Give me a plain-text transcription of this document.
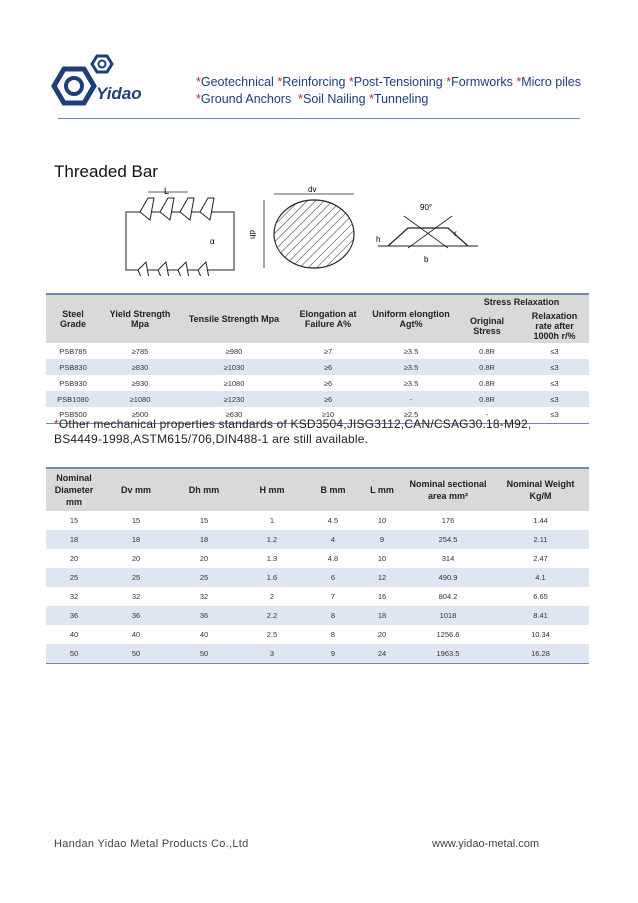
Yidao
*Geotechnical *Reinforcing *Post-Tensioning *Formworks *Micro piles
*Ground Anchors  *Soil Nailing *Tunneling
Threaded Bar
L
α
dv
dh
90°
h
b
r
Steel Grade	Yield Strength Mpa	Tensile Strength Mpa	Elongation at Failure A%	Uniform elongtion Agt%	Stress Relaxation	
					Original Stress	Relaxation rate after 1000h r/%
PSB785	≥785	≥980	≥7	≥3.5	0.8R	≤3
PSB830	≥830	≥1030	≥6	≥3.5	0.8R	≤3
PSB930	≥930	≥1080	≥6	≥3.5	0.8R	≤3
PSB1080	≥1080	≥1230	≥6	-	0.8R	≤3
PSB500	≥500	≥630	≥10	≥2.5	-	≤3
*Other mechanical properties standards of KSD3504,JISG3112,CAN/CSAG30.18-M92, BS4449-1998,ASTM615/706,DIN488-1 are still available.
Nominal Diameter mm	Dv mm	Dh mm	H mm	B mm	L mm	Nominal sectional area mm²	Nominal Weight Kg/M
15	15	15	1	4.5	10	176	1.44
18	18	18	1.2	4	9	254.5	2.11
20	20	20	1.3	4.8	10	314	2.47
25	25	25	1.6	6	12	490.9	4.1
32	32	32	2	7	16	804.2	6.65
36	36	36	2.2	8	18	1018	8.41
40	40	40	2.5	8	20	1256.6	10.34
50	50	50	3	9	24	1963.5	16.28
Handan Yidao Metal Products Co.,Ltd	www.yidao-metal.com
